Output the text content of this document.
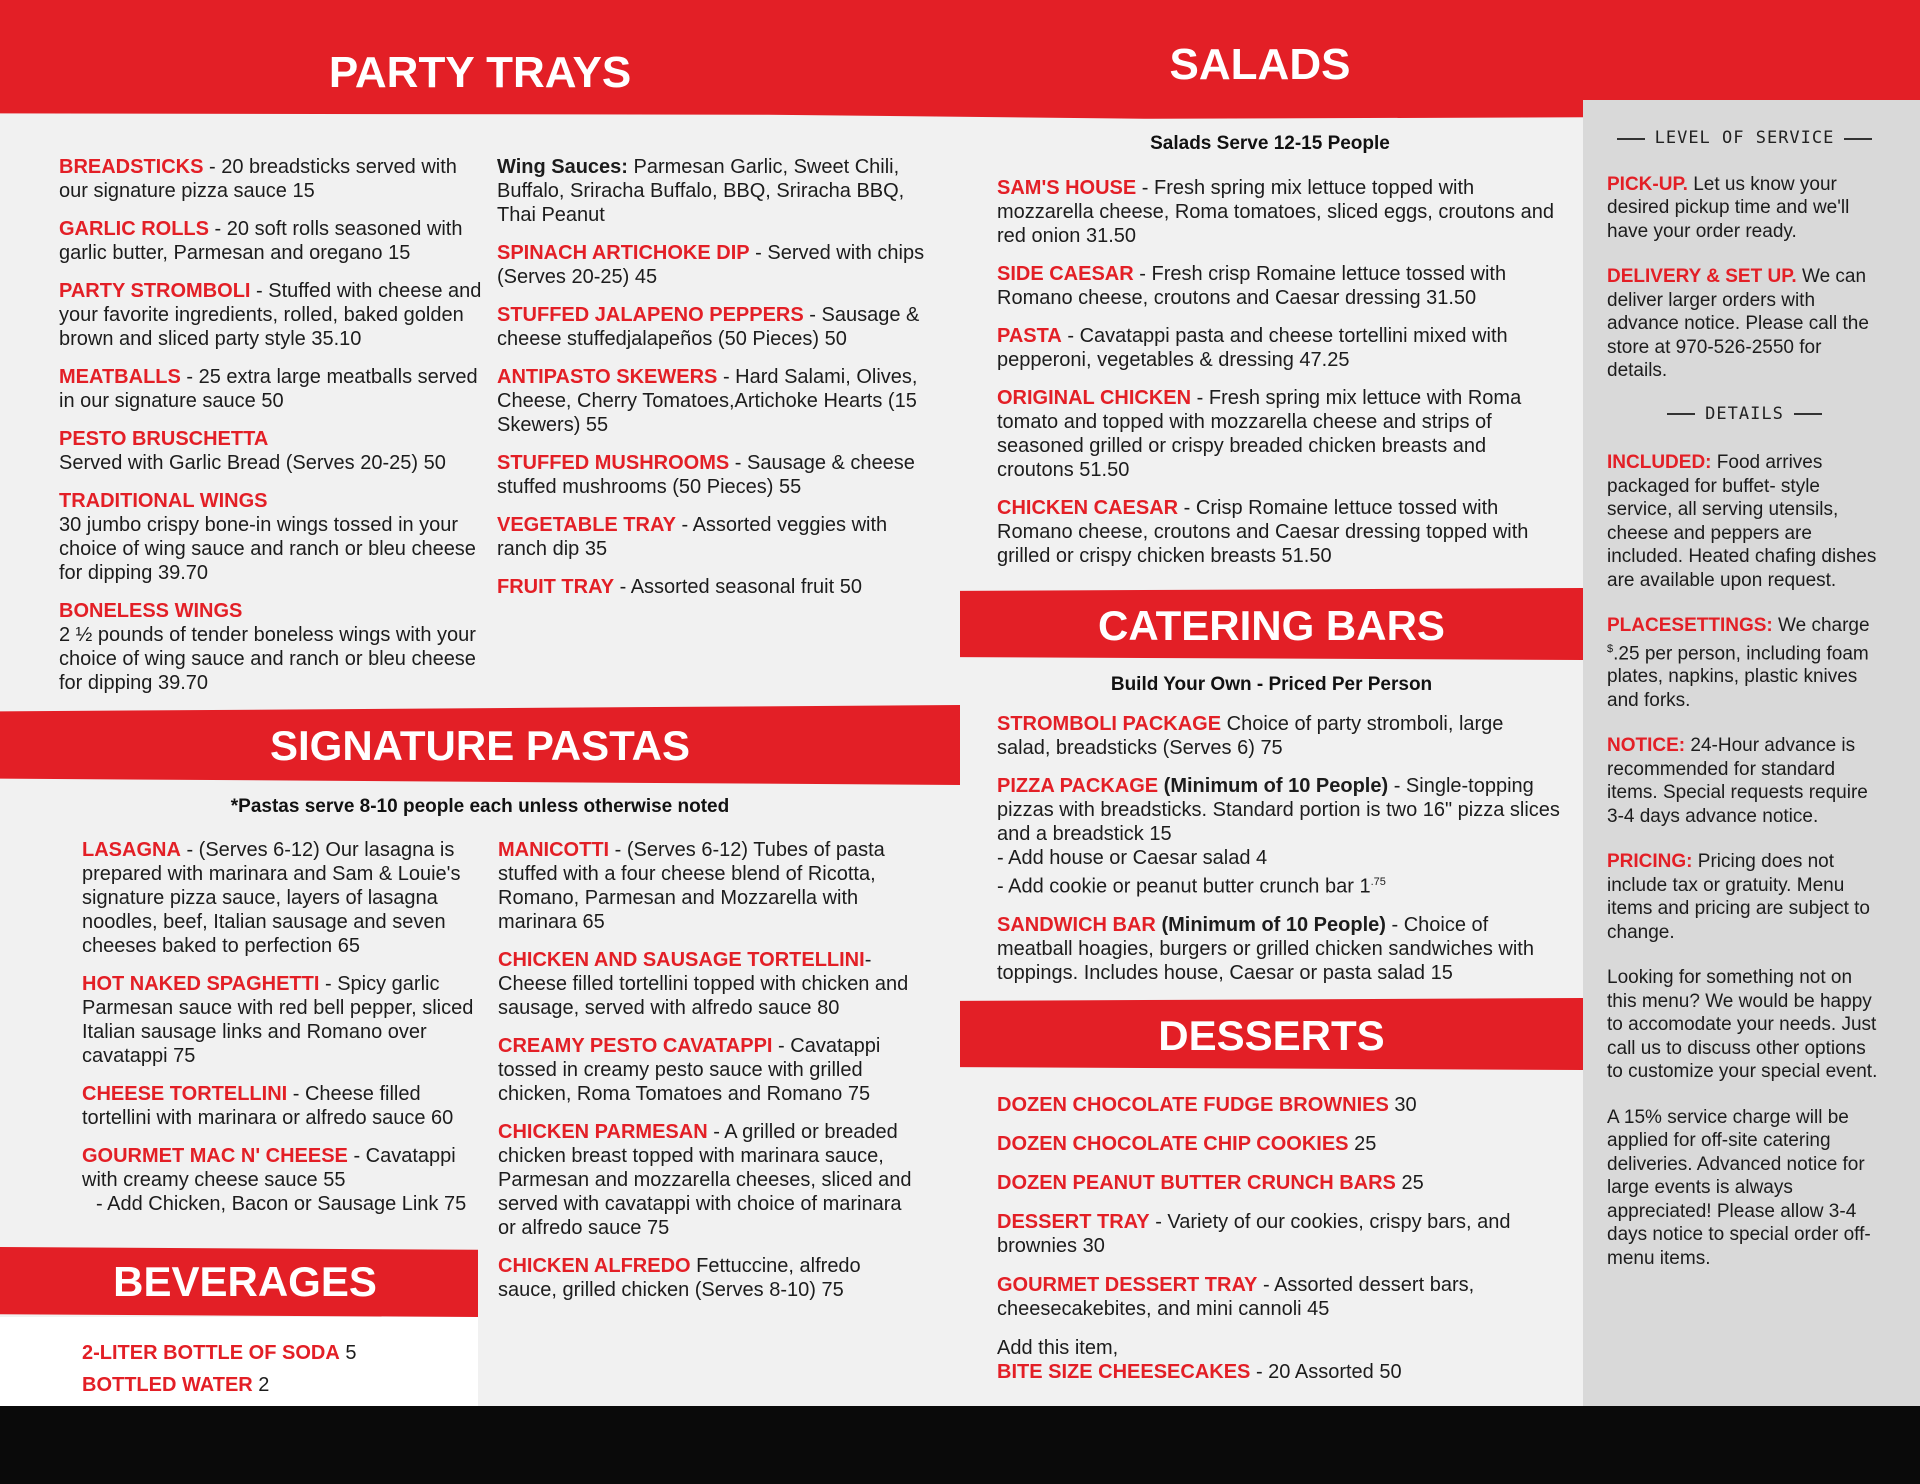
PARTY TRAYS	SALADS
BREADSTICKS - 20 breadsticks served with our signature pizza sauce 15
GARLIC ROLLS - 20 soft rolls seasoned with garlic butter, Parmesan and oregano 15
PARTY STROMBOLI - Stuffed with cheese and your favorite ingredients, rolled, baked golden brown and sliced party style 35.10
MEATBALLS - 25 extra large meatballs served in our signature sauce 50
PESTO BRUSCHETTA
Served with Garlic Bread (Serves 20-25) 50
TRADITIONAL WINGS
30 jumbo crispy bone-in wings tossed in your choice of wing sauce and ranch or bleu cheese for dipping 39.70
BONELESS WINGS
2 ½ pounds of tender boneless wings with your choice of wing sauce and ranch or bleu cheese for dipping 39.70
Wing Sauces: Parmesan Garlic, Sweet Chili, Buffalo, Sriracha Buffalo, BBQ, Sriracha BBQ, Thai Peanut
SPINACH ARTICHOKE DIP - Served with chips (Serves 20-25) 45
STUFFED JALAPENO PEPPERS - Sausage & cheese stuffedjalapeños (50 Pieces) 50
ANTIPASTO SKEWERS - Hard Salami, Olives, Cheese, Cherry Tomatoes,Artichoke Hearts (15 Skewers) 55
STUFFED MUSHROOMS - Sausage & cheese stuffed mushrooms (50 Pieces) 55
VEGETABLE TRAY - Assorted veggies with ranch dip 35
FRUIT TRAY - Assorted seasonal fruit 50
SIGNATURE PASTAS
*Pastas serve 8-10 people each unless otherwise noted
LASAGNA - (Serves 6-12) Our lasagna is prepared with marinara and Sam & Louie's signature pizza sauce, layers of lasagna noodles, beef, Italian sausage and seven cheeses baked to perfection 65
HOT NAKED SPAGHETTI - Spicy garlic Parmesan sauce with red bell pepper, sliced Italian sausage links and Romano over cavatappi 75
CHEESE TORTELLINI - Cheese filled tortellini with marinara or alfredo sauce 60
GOURMET MAC N' CHEESE - Cavatappi with creamy cheese sauce 55
- Add Chicken, Bacon or Sausage Link 75
MANICOTTI - (Serves 6-12) Tubes of pasta stuffed with a four cheese blend of Ricotta, Romano, Parmesan and Mozzarella with marinara 65
CHICKEN AND SAUSAGE TORTELLINI- Cheese filled tortellini topped with chicken and sausage, served with alfredo sauce 80
CREAMY PESTO CAVATAPPI - Cavatappi tossed in creamy pesto sauce with grilled chicken, Roma Tomatoes and Romano 75
CHICKEN PARMESAN - A grilled or breaded chicken breast topped with marinara sauce, Parmesan and mozzarella cheeses, sliced and served with cavatappi with choice of marinara or alfredo sauce 75
CHICKEN ALFREDO Fettuccine, alfredo sauce, grilled chicken (Serves 8-10) 75
BEVERAGES
2-LITER BOTTLE OF SODA 5
BOTTLED WATER 2
Salads Serve 12-15 People
SAM'S HOUSE - Fresh spring mix lettuce topped with mozzarella cheese, Roma tomatoes, sliced eggs, croutons and red onion 31.50
SIDE CAESAR - Fresh crisp Romaine lettuce tossed with Romano cheese, croutons and Caesar dressing 31.50
PASTA - Cavatappi pasta and cheese tortellini mixed with pepperoni, vegetables & dressing 47.25
ORIGINAL CHICKEN - Fresh spring mix lettuce with Roma tomato and topped with mozzarella cheese and strips of seasoned grilled or crispy breaded chicken breasts and croutons 51.50
CHICKEN CAESAR - Crisp Romaine lettuce tossed with Romano cheese, croutons and Caesar dressing topped with grilled or crispy chicken breasts 51.50
CATERING BARS
Build Your Own - Priced Per Person
STROMBOLI PACKAGE Choice of party stromboli, large salad, breadsticks (Serves 6) 75
PIZZA PACKAGE (Minimum of 10 People) - Single-topping pizzas with breadsticks. Standard portion is two 16" pizza slices and a breadstick 15
- Add house or Caesar salad 4
- Add cookie or peanut butter crunch bar $1^{.75}$
SANDWICH BAR (Minimum of 10 People) - Choice of meatball hoagies, burgers or grilled chicken sandwiches with toppings. Includes house, Caesar or pasta salad 15
DESSERTS
DOZEN CHOCOLATE FUDGE BROWNIES 30
DOZEN CHOCOLATE CHIP COOKIES 25
DOZEN PEANUT BUTTER CRUNCH BARS 25
DESSERT TRAY - Variety of our cookies, crispy bars, and brownies 30
GOURMET DESSERT TRAY - Assorted dessert bars, cheesecakebites, and mini cannoli 45
Add this item,
BITE SIZE CHEESECAKES - 20 Assorted 50
LEVEL OF SERVICE

PICK-UP. Let us know your desired pickup time and we'll have your order ready.

DELIVERY & SET UP. We can deliver larger orders with advance notice. Please call the store at 970-526-2550 for details.

DETAILS

INCLUDED: Food arrives packaged for buffet- style service, all serving utensils, cheese and peppers are included. Heated chafing dishes are available upon request.

PLACESETTINGS: We charge $.25 per person, including foam plates, napkins, plastic knives and forks.

NOTICE: 24-Hour advance is recommended for standard items. Special requests require 3-4 days advance notice.

PRICING: Pricing does not include tax or gratuity. Menu items and pricing are subject to change.

Looking for something not on this menu? We would be happy to accomodate your needs. Just call us to discuss other options to customize your special event.

A 15% service charge will be applied for off-site catering deliveries. Advanced notice for large events is always appreciated! Please allow 3-4 days notice to special order off-menu items.
